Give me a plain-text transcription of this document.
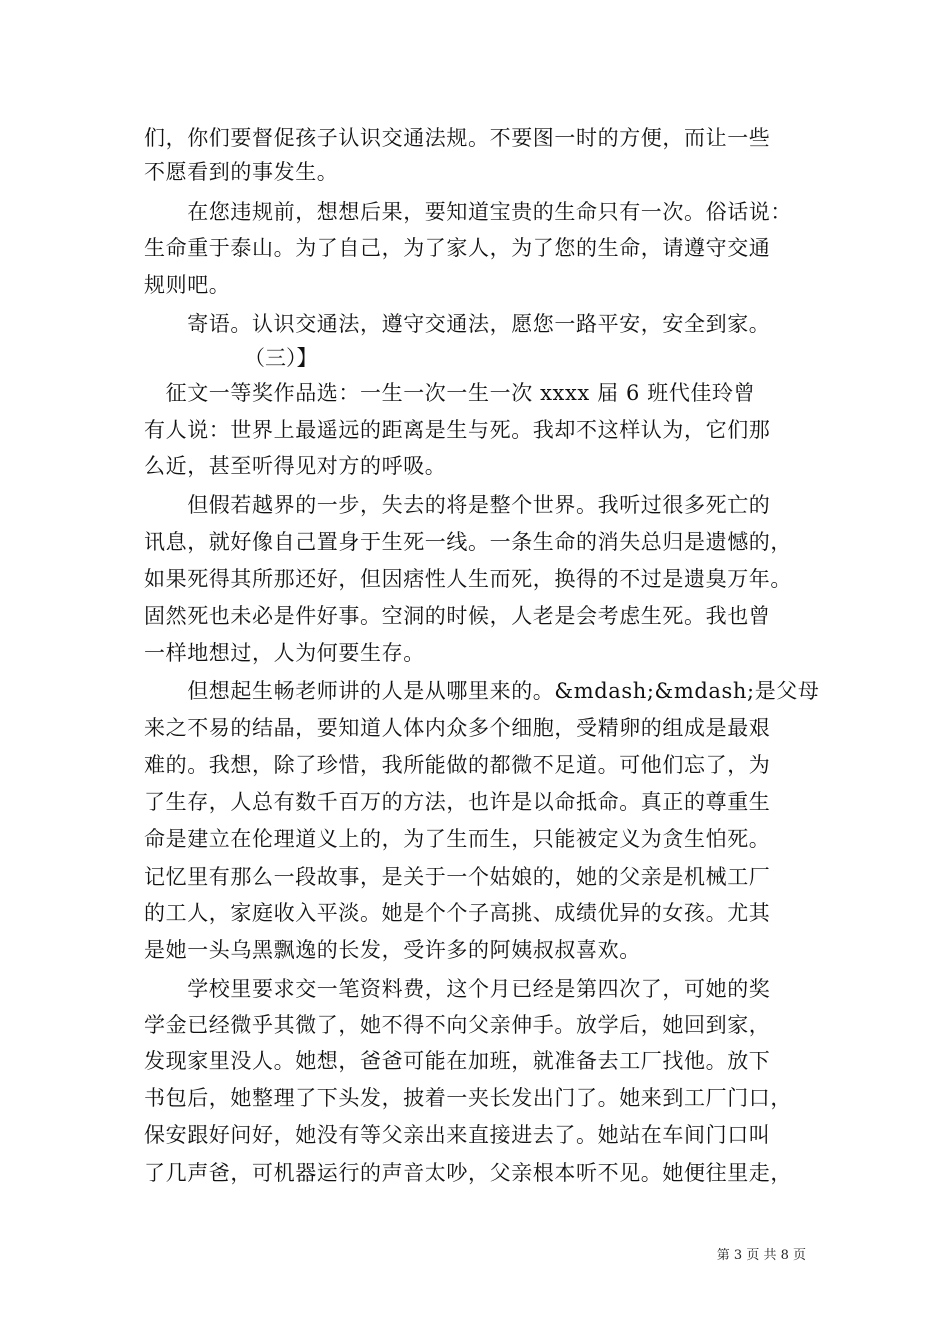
们，你们要督促孩子认识交通法规。不要图一时的方便，而让一些
不愿看到的事发生。
　　在您违规前，想想后果，要知道宝贵的生命只有一次。俗话说：
生命重于泰山。为了自己，为了家人，为了您的生命，请遵守交通
规则吧。
　　寄语。认识交通法，遵守交通法，愿您一路平安，安全到家。
（三）】
　征文一等奖作品选：一生一次一生一次 xxxx 届 6 班代佳玲曾
有人说：世界上最遥远的距离是生与死。我却不这样认为，它们那
么近，甚至听得见对方的呼吸。
　　但假若越界的一步，失去的将是整个世界。我听过很多死亡的
讯息，就好像自己置身于生死一线。一条生命的消失总归是遗憾的，
如果死得其所那还好，但因痞性人生而死，换得的不过是遗臭万年。
固然死也未必是件好事。空洞的时候，人老是会考虑生死。我也曾
一样地想过，人为何要生存。
　　但想起生畅老师讲的人是从哪里来的。&mdash;&mdash;是父母
来之不易的结晶，要知道人体内众多个细胞，受精卵的组成是最艰
难的。我想，除了珍惜，我所能做的都微不足道。可他们忘了，为
了生存，人总有数千百万的方法，也许是以命抵命。真正的尊重生
命是建立在伦理道义上的，为了生而生，只能被定义为贪生怕死。
记忆里有那么一段故事，是关于一个姑娘的，她的父亲是机械工厂
的工人，家庭收入平淡。她是个个子高挑、成绩优异的女孩。尤其
是她一头乌黑飘逸的长发，受许多的阿姨叔叔喜欢。
　　学校里要求交一笔资料费，这个月已经是第四次了，可她的奖
学金已经微乎其微了，她不得不向父亲伸手。放学后，她回到家，
发现家里没人。她想，爸爸可能在加班，就准备去工厂找他。放下
书包后，她整理了下头发，披着一夹长发出门了。她来到工厂门口，
保安跟好问好，她没有等父亲出来直接进去了。她站在车间门口叫
了几声爸，可机器运行的声音太吵，父亲根本听不见。她便往里走，
第 3 页 共 8 页
